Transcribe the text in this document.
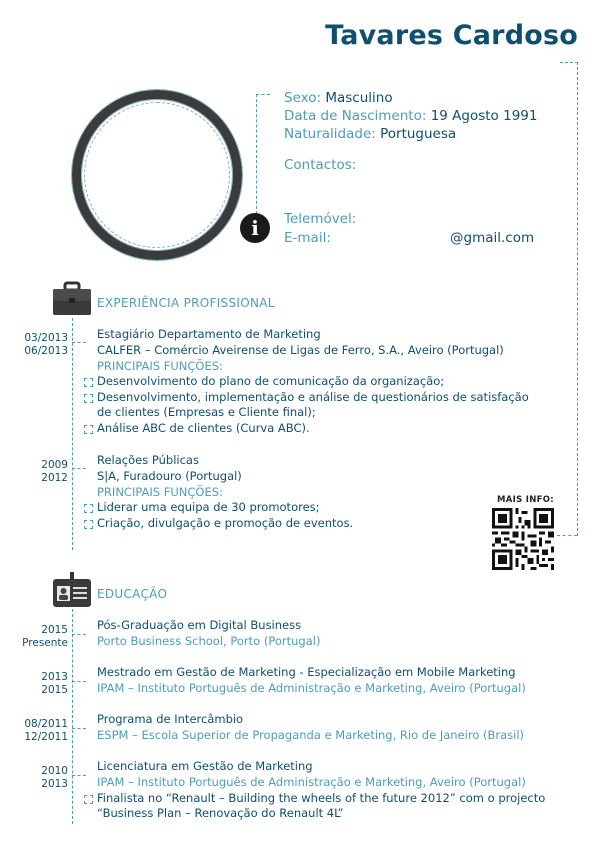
Tavares Cardoso
i
Sexo: Masculino
Data de Nascimento: 19 Agosto 1991
Naturalidade: Portuguesa
Contactos:
Telemóvel:
E-mail:	@gmail.com
EXPERIÊNCIA PROFISSIONAL
03/2013
06/2013
Estagiário Departamento de Marketing
CALFER – Comércio Aveirense de Ligas de Ferro, S.A., Aveiro (Portugal)
PRINCIPAIS FUNÇÕES:
Desenvolvimento do plano de comunicação da organização;
Desenvolvimento, implementação e análise de questionários de satisfação
de clientes (Empresas e Cliente final);
Análise ABC de clientes (Curva ABC).
2009
2012
Relações Públicas
S|A, Furadouro (Portugal)
PRINCIPAIS FUNÇÕES:
Liderar uma equipa de 30 promotores;
Criação, divulgação e promoção de eventos.
MAIS INFO:
EDUCAÇÃO
2015
Presente
Pós-Graduação em Digital Business
Porto Business School, Porto (Portugal)
2013
2015
Mestrado em Gestão de Marketing - Especialização em Mobile Marketing
IPAM – Instituto Português de Administração e Marketing, Aveiro (Portugal)
08/2011
12/2011
Programa de Intercâmbio
ESPM – Escola Superior de Propaganda e Marketing, Rio de Janeiro (Brasil)
2010
2013
Licenciatura em Gestão de Marketing
IPAM – Instituto Português de Administração e Marketing, Aveiro (Portugal)
Finalista no “Renault – Building the wheels of the future 2012” com o projecto
“Business Plan – Renovação do Renault 4L”
